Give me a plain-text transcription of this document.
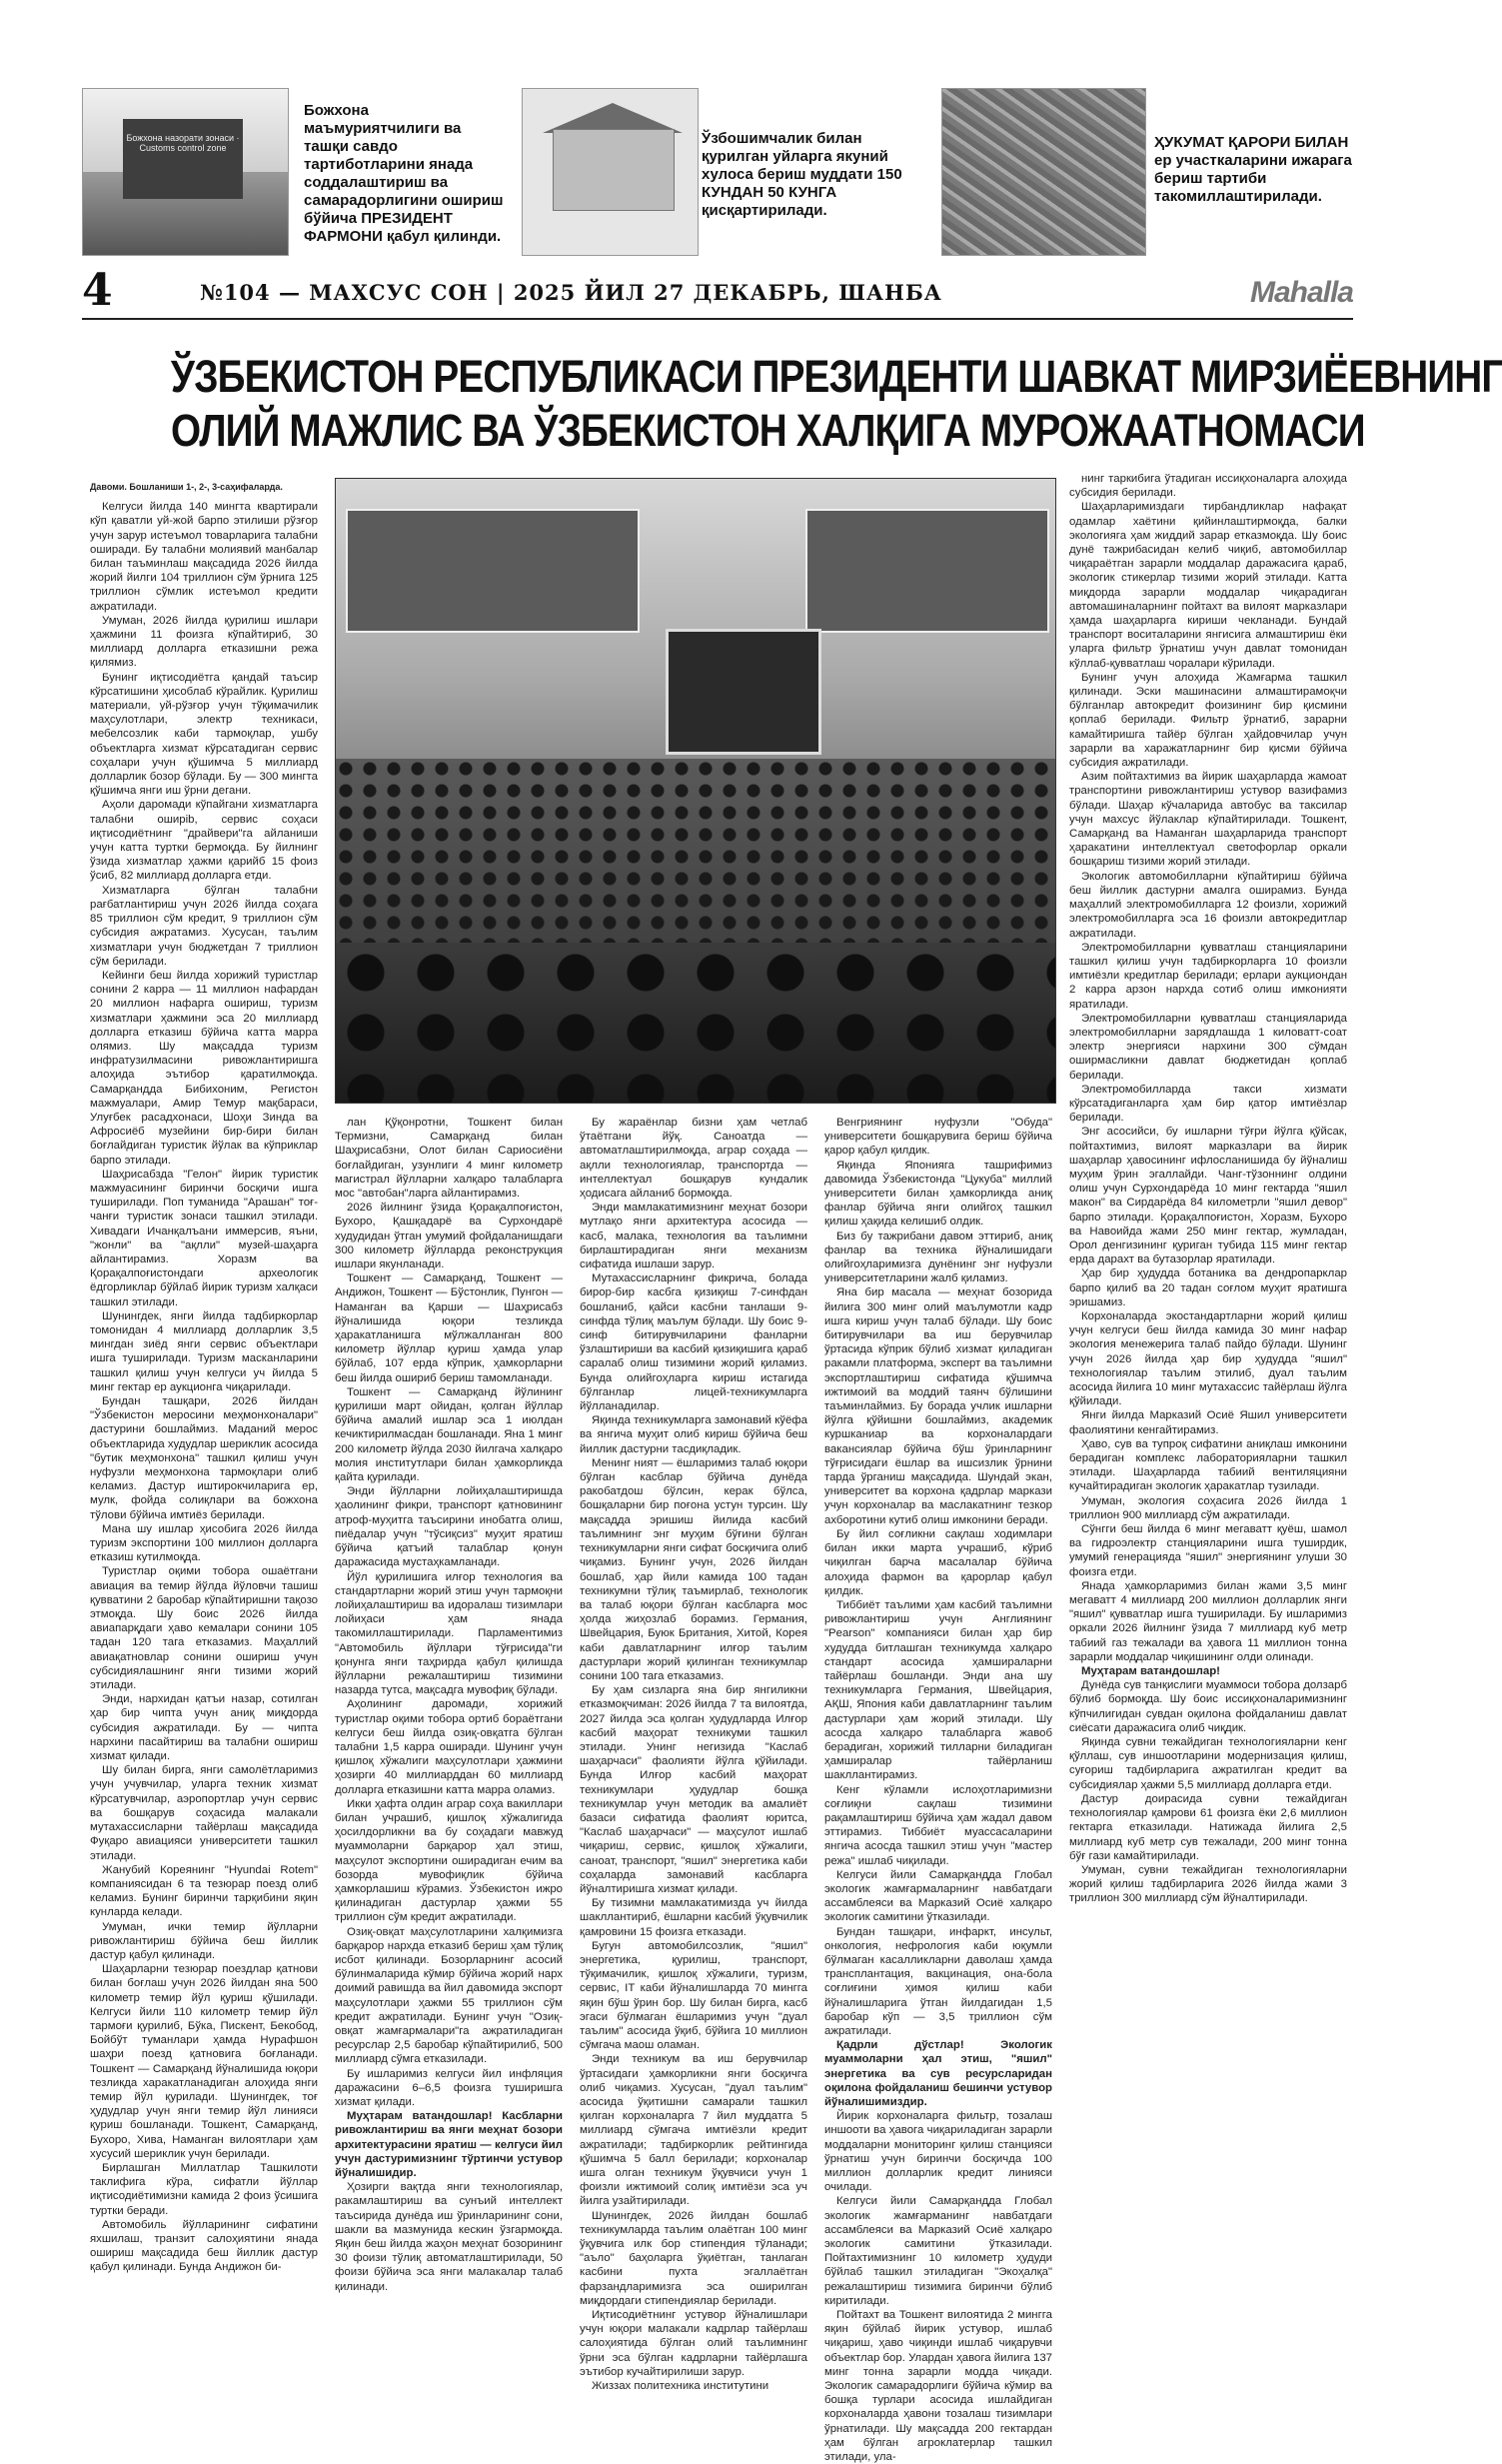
Божхона назорати зонаси · Customs control zone
Божхона маъмуриятчилиги ва ташқи савдо тартиботларини янада соддалаштириш ва самарадорлигини ошириш бўйича ПРЕЗИДЕНТ ФАРМОНИ қабул қилинди.
Ўзбошимчалик билан қурилган уйларга якуний хулоса бериш муддати 150 КУНДАН 50 КУНГА қисқартирилади.
ҲУКУМАТ ҚАРОРИ БИЛАН ер участкаларини ижарага бериш тартиби такомиллаштирилади.
4	№104 — МАХСУС СОН | 2025 ЙИЛ 27 ДЕКАБРЬ, ШАНБА	Mahalla
ЎЗБЕКИСТОН РЕСПУБЛИКАСИ ПРЕЗИДЕНТИ ШАВКАТ МИРЗИЁЕВНИНГ
ОЛИЙ МАЖЛИС ВА ЎЗБЕКИСТОН ХАЛҚИГА МУРОЖААТНОМАСИ

Давоми. Бошланиши 1-, 2-, 3-саҳифаларда.

Келгуси йилда 140 мингта квартирали кўп қаватли уй-жой барпо этилиши рўзғор учун зарур истеъмол товарларига талабни оширади. Бу талабни молиявий манбалар билан таъминлаш мақсадида 2026 йилда жорий йилги 104 триллион сўм ўрнига 125 триллион сўмлик истеъмол кредити ажратилади.

Умуман, 2026 йилда қурилиш ишлари ҳажмини 11 фоизга кўпайтириб, 30 миллиард долларга етказишни режа қилямиз.

Бунинг иқтисодиётга қандай таъсир кўрсатишини ҳисоблаб кўрайлик. Қурилиш материали, уй-рўзғор учун тўқимачилик маҳсулотлари, электр техникаси, мебелсозлик каби тармоқлар, ушбу объектларга хизмат кўрсатадиган сервис соҳалари учун қўшимча 5 миллиард долларлик бозор бўлади. Бу — 300 мингта қўшимча янги иш ўрни дегани.

Аҳоли даромади кўпайгани хизматларга талабни оширib, сервис соҳаси иқтисодиётнинг "драйвери"га айланиши учун катта туртки бермоқда. Бу йилнинг ўзида хизматлар ҳажми қарийб 15 фоиз ўсиб, 82 миллиард долларга етди.

Хизматларга бўлган талабни рағбатлантириш учун 2026 йилда соҳага 85 триллион сўм кредит, 9 триллион сўм субсидия ажратамиз. Хусусан, таълим хизматлари учун бюджетдан 7 триллион сўм берилади.

Кейинги беш йилда хорижий туристлар сонини 2 карра — 11 миллион нафардан 20 миллион нафарга ошириш, туризм хизматлари ҳажмини эса 20 миллиард долларга етказиш бўйича катта марра олямиз. Шу мақсадда туризм инфратузилмасини ривожлантиришга алоҳида эътибор қаратилмоқда. Самарқандда Бибихоним, Регистон мажмуалари, Амир Темур мақбараси, Улуғбек расадхонаси, Шоҳи Зинда ва Афросиёб музейини бир-бири билан боғлайдиган туристик йўлак ва кўприклар барпо этилади.

Шаҳрисабзда "Гелон" йирик туристик мажмуасининг биринчи босқичи ишга туширилади. Поп туманида "Арашан" тоғ-чанғи туристик зонаси ташкил этилади. Хивадаги Ичанқалъани иммерсив, яъни, "жонли" ва "ақлли" музей-шаҳарга айлантирамиз. Хоразм ва Қорақалпоғистондаги археологик ёдгорликлар бўйлаб йирик туризм халқаси ташкил этилади.

Шунингдек, янги йилда тадбиркорлар томонидан 4 миллиард долларлик 3,5 мингдан зиёд янги сервис объектлари ишга туширилади. Туризм масканларини ташкил қилиш учун келгуси уч йилда 5 минг гектар ер аукционга чиқарилади.

Бундан ташқари, 2026 йилдан "Ўзбекистон меросини меҳмонхоналари" дастурини бошлаймиз. Маданий мерос объектларида худудлар шериклик асосида "бутик меҳмонхона" ташкил қилиш учун нуфузли меҳмонхона тармоқлари олиб келамиз. Дастур иштирокчиларига ер, мулк, фойда солиқлари ва божхона тўлови бўйича имтиёз берилади.

Мана шу ишлар ҳисобига 2026 йилда туризм экспортини 100 миллион долларга етказиш кутилмоқда.

Туристлар оқими тобора ошаётгани авиация ва темир йўлда йўловчи ташиш қувватини 2 баробар кўпайтиришни тақозо этмоқда. Шу боис 2026 йилда авиапарқдаги ҳаво кемалари сонини 105 тадан 120 тага етказамиз. Маҳаллий авиақатновлар сонини ошириш учун субсидиялашнинг янги тизими жорий этилади.

Энди, нархидан қатъи назар, сотилган ҳар бир чипта учун аниқ миқдорда субсидия ажратилади. Бу — чипта нархини пасайтириш ва талабни ошириш хизмат қилади.

Шу билан бирга, янги самолётларимиз учун учувчилар, уларга техник хизмат кўрсатувчилар, аэропортлар учун сервис ва бошқарув соҳасида малакали мутахассисларни тайёрлаш мақсадида Фуқаро авиацияси университети ташкил этилади.

Жанубий Кореянинг "Hyundai Rotem" компаниясидан 6 та тезюрар поезд олиб келамиз. Бунинг биринчи тарқибини яқин кунларда келади.

Умуман, ички темир йўлларни ривожлантириш бўйича беш йиллик дастур қабул қилинади.

Шаҳарларни тезюрар поездлар қатнови билан боғлаш учун 2026 йилдан яна 500 километр темир йўл қуриш қўшилади. Келгуси йили 110 километр темир йўл тармоғи қурилиб, Бўка, Пискент, Бекобод, Бойбўт туманлари ҳамда Нурафшон шаҳри поезд қатновига боғланади. Тошкент — Самарқанд йўналишида юқори тезликда харакатланадиган алоҳида янги темир йўл қурилади. Шунингдек, тоғ ҳудудлар учун янги темир йўл линияси қуриш бошланади. Тошкент, Самарқанд, Бухоро, Хива, Наманган вилоятлари ҳам хусусий шериклик учун берилади.

Бирлашган Миллатлар Ташкилоти таклифига кўра, сифатли йўллар иқтисодиётимизни камида 2 фоиз ўсишига туртки беради.

Автомобиль йўлларининг сифатини яхшилаш, транзит салоҳиятини янада ошириш мақсадида беш йиллик дастур қабул қилинади. Бунда Андижон би-

лан Қўқонротни, Тошкент билан Термизни, Самарқанд билан Шаҳрисабзни, Олот билан Сариосиёни боғлайдиган, узунлиги 4 минг километр магистрал йўлларни халқаро талабларга мос "автобан"ларга айлантирамиз.

2026 йилнинг ўзида Қорақалпоғистон, Бухоро, Қашқадарё ва Сурхондарё худудидан ўтган умумий фойдаланишдаги 300 километр йўлларда реконструкция ишлари якунланади.

Тошкент — Самарқанд, Тошкент — Андижон, Тошкент — Бўстонлик, Пунгон — Наманган ва Қарши — Шаҳрисабз йўналишида юқори тезликда ҳаракатланишга мўлжалланган 800 километр йўллар қуриш ҳамда улар бўйлаб, 107 ерда кўприк, ҳамкорларни беш йилда ошириб бериш тамомланади.

Тошкент — Самарқанд йўлининг қурилиши март ойидан, қолган йўллар бўйича амалий ишлар эса 1 июлдан кечиктирилмасдан бошланади. Яна 1 минг 200 километр йўлда 2030 йилгача халқаро молия институтлари билан ҳамкорликда қайта қурилади.

Энди йўлларни лойиҳалаштиришда ҳаолининг фикри, транспорт қатновининг атроф-муҳитга таъсирини инобатга олиш, пиёдалар учун "тўсиқсиз" муҳит яратиш бўйича қатъий талаблар қонун даражасида мустаҳкамланади.

Йўл қурилишига илғор технология ва стандартларни жорий этиш учун тармоқни лойиҳалаштириш ва идоралаш тизимлари лойиҳаси ҳам янада такомиллаштирилади. Парламентимиз "Автомобиль йўллари тўғрисида"ги қонунга янги таҳрирда қабул қилишда йўлларни режалаштириш тизимини назарда тутса, мақсадга мувофиқ бўлади.

Аҳолининг даромади, хорижий туристлар оқими тобора ортиб бораётгани келгуси беш йилда озиқ-овқатга бўлган талабни 1,5 карра оширади. Шунинг учун қишлоқ хўжалиги маҳсулотлари ҳажмини ҳозирги 40 миллиарддан 60 миллиард долларга етказишни катта марра оламиз.

Икки ҳафта олдин аграр соҳа вакиллари билан учрашиб, қишлоқ хўжалигида ҳосилдорликни ва бу соҳадаги мавжуд муаммоларни барқарор ҳал этиш, маҳсулот экспортини оширадиган ечим ва бозорда мувофиқлик бўйича ҳамкорлашиш кўрамиз. Ўзбекистон ижро қилинадиган дастурлар ҳажми 55 триллион сўм кредит ажратилади.

Озиқ-овқат маҳсулотларини халқимизга барқарор нархда етказиб бериш ҳам тўлиқ исбот қилинади. Бозорларнинг асосий бўлинмаларида кўмир бўйича жорий нарх доимий равишда ва йил давомида экспорт маҳсулотлари ҳажми 55 триллион сўм кредит ажратилади. Бунинг учун "Озиқ-овқат жамғармалари"га ажратиладиган ресурслар 2,5 баробар кўпайтирилиб, 500 миллиард сўмга етказилади.

Бу ишларимиз келгуси йил инфляция даражасини 6–6,5 фоизга туширишга хизмат қилади.

Муҳтарам ватандошлар! Касбларни ривожлантириш ва янги меҳнат бозори архитектурасини яратиш — келгуси йил учун дастуримизнинг тўртинчи устувор йўналишидир.

Ҳозирги вақтда янги технологиялар, ракамлаштириш ва сунъий интеллект таъсирида дунёда иш ўринларининг сони, шакли ва мазмунида кескин ўзгармоқда. Яқин беш йилда жаҳон меҳнат бозорининг 30 фоизи тўлиқ автоматлаштирилади, 50 фоизи бўйича эса янги малакалар талаб қилинади.

Бу жараёнлар бизни ҳам четлаб ўтаётгани йўқ. Саноатда — автоматлаштирилмоқда, аграр соҳада — ақлли технологиялар, транспортда — интеллектуал бошқарув кундалик ҳодисага айланиб бормоқда.

Энди мамлакатимизнинг меҳнат бозори мутлақо янги архитектура асосида — касб, малака, технология ва таълимни бирлаштирадиган янги механизм сифатида ишлаши зарур.

Мутахассисларнинг фикрича, болада бирор-бир касбга қизиқиш 7-синфдан бошланиб, қайси касбни танлаши 9-синфда тўлиқ маълум бўлади. Шу боис 9-синф битирувчиларини фанларни ўзлаштириши ва касбий қизиқишига қараб саралаб олиш тизимини жорий қиламиз. Бунда олийгоҳларга кириш истагида бўлганлар лицей-техникумларга йўлланадилар.

Яқинда техникумларга замонавий кўёфа ва янгича муҳит олиб кириш бўйича беш йиллик дастурни тасдиқладик.

Менинг ният — ёшларимиз талаб юқори бўлган касблар бўйича дунёда ракобатдош бўлсин, керак бўлса, бошқаларни бир поғона устун турсин. Шу мақсадда эришиш йилида касбий таълимнинг энг муҳим бўғини бўлган техникумларни янги сифат босқичига олиб чиқамиз. Бунинг учун, 2026 йилдан бошлаб, ҳар йили камида 100 тадан техникумни тўлиқ таъмирлаб, технологик ва талаб юқори бўлган касбларга мос ҳолда жиҳозлаб борамиз. Германия, Швейцария, Буюк Британия, Хитой, Корея каби давлатларнинг илғор таълим дастурлари жорий қилинган техникумлар сонини 100 тага етказамиз.

Бу ҳам сизларга яна бир янгиликни етказмоқчиман: 2026 йилда 7 та вилоятда, 2027 йилда эса қолган ҳудудларда Илғор касбий маҳорат техникуми ташкил этилади. Унинг негизида "Каслаб шаҳарчаси" фаолияти йўлга қўйилади. Бунда Илғор касбий маҳорат техникумлари ҳудудлар бошқа техникумлар учун методик ва амалиёт базаси сифатида фаолият юритса, "Каслаб шаҳарчаси" — маҳсулот ишлаб чиқариш, сервис, қишлоқ хўжалиги, саноат, транспорт, "яшил" энергетика каби соҳаларда замонавий касбларга йўналтиришга хизмат қилади.

Бу тизимни мамлакатимизда уч йилда шакллантириб, ёшларни касбий ўқувчилик қамровини 15 фоизга етказади.

Бугун автомобилсозлик, "яшил" энергетика, қурилиш, транспорт, тўқимачилик, қишлоқ хўжалиги, туризм, сервис, IT каби йўналишларда 70 мингга яқин бўш ўрин бор. Шу билан бирга, касб эгаси бўлмаган ёшларимиз учун "дуал таълим" асосида ўқиб, бўйига 10 миллион сўмгача маош оламан.

Энди техникум ва иш берувчилар ўртасидаги ҳамкорликни янги босқичга олиб чиқамиз. Хусусан, "дуал таълим" асосида ўқитишни самарали ташкил қилган корхоналарга 7 йил муддатга 5 миллиард сўмгача имтиёзли кредит ажратилади; тадбиркорлик рейтингида қўшимча 5 балл берилади; корхоналар ишга олган техникум ўқувчиси учун 1 фоизли ижтимоий солиқ имтиёзи эса уч йилга узайтирилади.

Шунингдек, 2026 йилдан бошлаб техникумларда таълим олаётган 100 минг ўқувчига илк бор стипендия тўланади; "аъло" баҳоларга ўқиётган, танлаган касбини пухта эгаллаётган фарзандларимизга эса оширилган миқдордаги стипендиялар берилади.

Иқтисодиётнинг устувор йўналишлари учун юқори малакали кадрлар тайёрлаш салоҳиятида бўлган олий таълимнинг ўрни эса бўлган кадрларни тайёрлашга эътибор кучайтирилиши зарур.

Жиззах политехника институтини

Венгриянинг нуфузли "Обуда" университети бошқарувига бериш бўйича қарор қабул қилдик.

Яқинда Японияга ташрифимиз давомида Ўзбекистонда "Цукуба" миллий университети билан ҳамкорликда аниқ фанлар бўйича янги олийгоҳ ташкил қилиш ҳақида келишиб олдик.

Биз бу тажрибани давом эттириб, аниқ фанлар ва техника йўналишидаги олийгоҳларимизга дунёнинг энг нуфузли университетларини жалб қиламиз.

Яна бир масала — меҳнат бозорида йилига 300 минг олий маълумотли кадр ишга кириш учун талаб бўлади. Шу боис битирувчилари ва иш берувчилар ўртасида кўприк бўлиб хизмат қиладиган ракамли платформа, эксперт ва таълимни экспортлаштириш сифатида қўшимча ижтимоий ва моддий таянч бўлишини таъминлаймиз. Бу борада учлик ишларни йўлга қўйишни бошлаймиз, академик куршканиар ва корхоналардаги вакансиялар бўйича бўш ўринларнинг тўғрисидаги ёшлар ва ишсизлик ўрнини тарда ўрганиш мақсадида. Шундай экан, университет ва корхона қадрлар маркази учун корхоналар ва маслакатнинг тезкор ахборотини кутиб олиш имконини беради.

Бу йил соғликни сақлаш ходимлари билан икки марта учрашиб, кўриб чиқилган барча масалалар бўйича алоҳида фармон ва қарорлар қабул қилдик.

Тиббиёт таълими ҳам касбий таълимни ривожлантириш учун Англиянинг "Pearson" компанияси билан ҳар бир худудда битлашган техникумда халқаро стандарт асосида ҳамшираларни тайёрлаш бошланди. Энди ана шу техникумларга Германия, Швейцария, АҚШ, Япония каби давлатларнинг таълим дастурлари ҳам жорий этилади. Шу асосда халқаро талабларга жавоб берадиган, хорижий тилларни биладиган ҳамширалар тайёрланиш шакллантирамиз.

Кенг кўламли ислоҳотларимизни соғлиқни сақлаш тизимини рақамлаштириш бўйича ҳам жадал давом эттирамиз. Тиббиёт муассасаларини янгича асосда ташкил этиш учун "мастер режа" ишлаб чиқилади.

Келгуси йили Самарқандда Глобал экологик жамғармаларнинг навбатдаги ассамблеяси ва Марказий Осиё халқаро экологик самитини ўтказилади.

Бундан ташқари, инфаркт, инсульт, онкология, нефрология каби юқумли бўлмаган касалликларни даволаш ҳамда трансплантация, вакцинация, она-бола соғлиғини ҳимоя қилиш каби йўналишларига ўтган йилдагидан 1,5 баробар кўп — 3,5 триллион сўм ажратилади.

Қадрли дўстлар! Экологик муаммоларни ҳал этиш, "яшил" энергетика ва сув ресурсларидан оқилона фойдаланиш бешинчи устувор йўналишимиздир.

Йирик корхоналарга фильтр, тозалаш иншооти ва ҳавога чиқариладиган зарарли моддаларни мониторинг қилиш станцияси ўрнатиш учун биринчи босқичда 100 миллион долларлик кредит линияси очилади.

Келгуси йили Самарқандда Глобал экологик жамғарманинг навбатдаги ассамблеяси ва Марказий Осиё халқаро экологик самитини ўтказилади. Пойтахтимизнинг 10 километр ҳудуди бўйлаб ташкил этиладиган "Экоҳалқа" режалаштириш тизимига биринчи бўлиб киритилади.

Пойтахт ва Тошкент вилоятида 2 мингга яқин бўйлаб йирик устувор, ишлаб чиқариш, ҳаво чиқинди ишлаб чиқарувчи объектлар бор. Улардан ҳавога йилига 137 минг тонна зарарли модда чиқади. Экологик самарадорлиги бўйича кўмир ва бошқа турлари асосида ишлайдиган корхоналарда ҳавони тозалаш тизимлари ўрнатилади. Шу мақсадда 200 гектардан ҳам бўлган агроклатерлар ташкил этилади, ула-

нинг таркибига ўтадиган иссиқхоналарга алоҳида субсидия берилади.

Шаҳарларимиздаги тирбандликлар нафақат одамлар хаётини қийинлаштирмоқда, балки экологияга ҳам жиддий зарар етказмоқда. Шу боис дунё тажрибасидан келиб чиқиб, автомобиллар чиқараётган зарарли моддалар даражасига қараб, экологик стикерлар тизими жорий этилади. Катта миқдорда зарарли моддалар чиқарадиган автомашиналарнинг пойтахт ва вилоят марказлари ҳамда шаҳарларга кириши чекланади. Бундай транспорт воситаларини янгисига алмаштириш ёки уларга фильтр ўрнатиш учун давлат томонидан кўллаб-қувватлаш чоралари кўрилади.

Бунинг учун алоҳида Жамғарма ташкил қилинади. Эски машинасини алмаштирамоқчи бўлганлар автокредит фоизининг бир қисмини қоплаб берилади. Фильтр ўрнатиб, зарарни камайтиришга тайёр бўлган ҳайдовчилар учун зарарли ва харажатларнинг бир қисми бўйича субсидия ажратилади.

Азим пойтахтимиз ва йирик шаҳарларда жамоат транспортини ривожлантириш устувор вазифамиз бўлади. Шаҳар кўчаларида автобус ва таксилар учун махсус йўлаклар кўпайтирилади. Тошкент, Самарқанд ва Наманган шаҳарларида транспорт ҳаракатини интеллектуал светофорлар оркали бошқариш тизими жорий этилади.

Экологик автомобилларни кўпайтириш бўйича беш йиллик дастурни амалга оширамиз. Бунда маҳаллий электромобилларга 12 фоизли, хорижий электромобилларга эса 16 фоизли автокредитлар ажратилади.

Электромобилларни қувватлаш станцияларини ташкил қилиш учун тадбиркорларга 10 фоизли имтиёзли кредитлар берилади; ерлари аукциондан 2 карра арзон нархда сотиб олиш имконияти яратилади.

Электромобилларни қувватлаш станцияларида электромобилларни зарядлашда 1 киловатт-соат электр энергияси нархини 300 сўмдан оширмасликни давлат бюджетидан қоплаб берилади.

Электромобилларда такси хизмати кўрсатадиганларга ҳам бир қатор имтиёзлар берилади.

Энг асосийси, бу ишларни тўғри йўлга қўйсак, пойтахтимиз, вилоят марказлари ва йирик шаҳарлар ҳавосининг ифлосланишида бу йўналиш муҳим ўрин эгаллайди. Чанг-тўзоннинг олдини олиш учун Сурхондарёда 10 минг гектарда "яшил макон" ва Сирдарёда 84 километрли "яшил девор" барпо этилади. Қорақалпоғистон, Хоразм, Бухоро ва Навоийда жами 250 минг гектар, жумладан, Орол денгизининг қуриган тубида 115 минг гектар ерда дарахт ва бутазорлар яратилади.

Ҳар бир ҳудудда ботаника ва дендропарклар барпо қилиб ва 20 тадан соғлом муҳит яратишга эришамиз.

Корхоналарда экостандартларни жорий қилиш учун келгуси беш йилда камида 30 минг нафар экология менежерига талаб пайдо бўлади. Шунинг учун 2026 йилда ҳар бир ҳудудда "яшил" технологиялар таълим этилиб, дуал таълим асосида йилига 10 минг мутахассис тайёрлаш йўлга қўйилади.

Янги йилда Марказий Осиё Яшил университети фаолиятини кенгайтирамиз.

Ҳаво, сув ва тупроқ сифатини аниқлаш имконини берадиган комплекс лабораторияларни ташкил этилади. Шаҳарларда табиий вентиляцияни кучайтирадиган экологик ҳаракатлар тузилади.

Умуман, экология соҳасига 2026 йилда 1 триллион 900 миллиард сўм ажратилади.

Сўнгги беш йилда 6 минг мегаватт қуёш, шамол ва гидроэлектр станцияларини ишга туширдик, умумий генерацияда "яшил" энергиянинг улуши 30 фоизга етди.

Янада ҳамкорларимиз билан жами 3,5 минг мегаватт 4 миллиард 200 миллион долларлик янги "яшил" қувватлар ишга туширилади. Бу ишларимиз оркали 2026 йилнинг ўзида 7 миллиард куб метр табиий газ тежалади ва ҳавога 11 миллион тонна зарарли моддалар чиқишининг олди олинади.

Муҳтарам ватандошлар!

Дунёда сув танқислиги муаммоси тобора долзарб бўлиб бормоқда. Шу боис иссиқхоналаримизнинг кўпчилигидан сувдан оқилона фойдаланиш давлат сиёсати даражасига олиб чиқдик.

Яқинда сувни тежайдиган технологияларни кенг қўллаш, сув иншоотларини модернизация қилиш, суғориш тадбирларига ажратилган кредит ва субсидиялар ҳажми 5,5 миллиард долларга етди.

Дастур доирасида сувни тежайдиган технологиялар қамрови 61 фоизга ёки 2,6 миллион гектарга етказилади. Натижада йилига 2,5 миллиард куб метр сув тежалади, 200 минг тонна бўғ гази камайтирилади.

Умуман, сувни тежайдиган технологияларни жорий қилиш тадбирларига 2026 йилда жами 3 триллион 300 миллиард сўм йўналтирилади.
